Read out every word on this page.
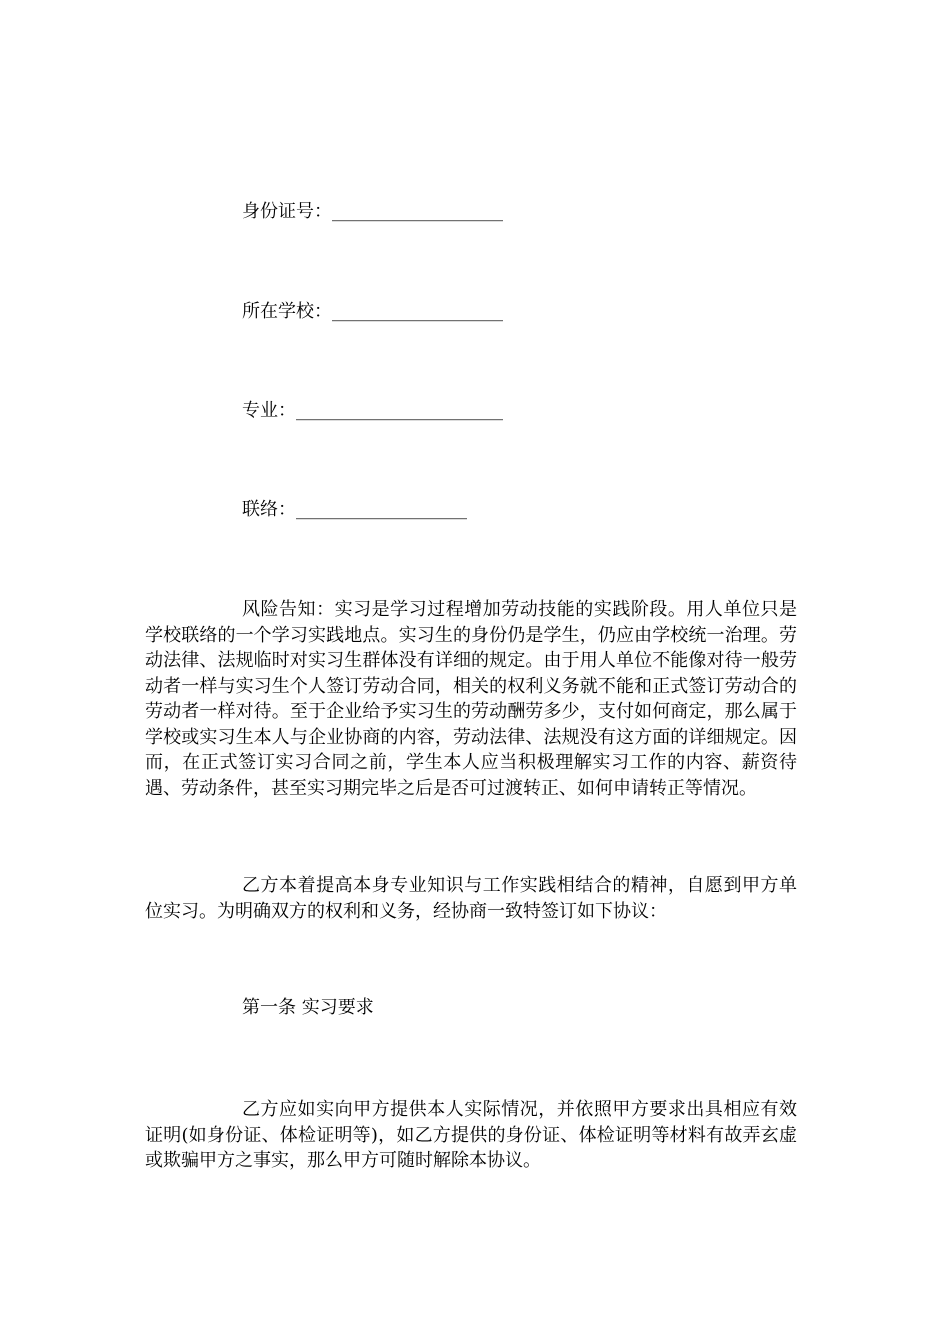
身份证号：___________________
所在学校：___________________
专业：_______________________
联络：___________________

风险告知：实习是学习过程增加劳动技能的实践阶段。用人单位只是学校联络的一个学习实践地点。实习生的身份仍是学生，仍应由学校统一治理。劳动法律、法规临时对实习生群体没有详细的规定。由于用人单位不能像对待一般劳动者一样与实习生个人签订劳动合同，相关的权利义务就不能和正式签订劳动合的劳动者一样对待。至于企业给予实习生的劳动酬劳多少，支付如何商定，那么属于学校或实习生本人与企业协商的内容，劳动法律、法规没有这方面的详细规定。因而，在正式签订实习合同之前，学生本人应当积极理解实习工作的内容、薪资待遇、劳动条件，甚至实习期完毕之后是否可过渡转正、如何申请转正等情况。

乙方本着提高本身专业知识与工作实践相结合的精神，自愿到甲方单位实习。为明确双方的权利和义务，经协商一致特签订如下协议：

第一条 实习要求

乙方应如实向甲方提供本人实际情况，并依照甲方要求出具相应有效证明(如身份证、体检证明等)，如乙方提供的身份证、体检证明等材料有故弄玄虚或欺骗甲方之事实，那么甲方可随时解除本协议。
